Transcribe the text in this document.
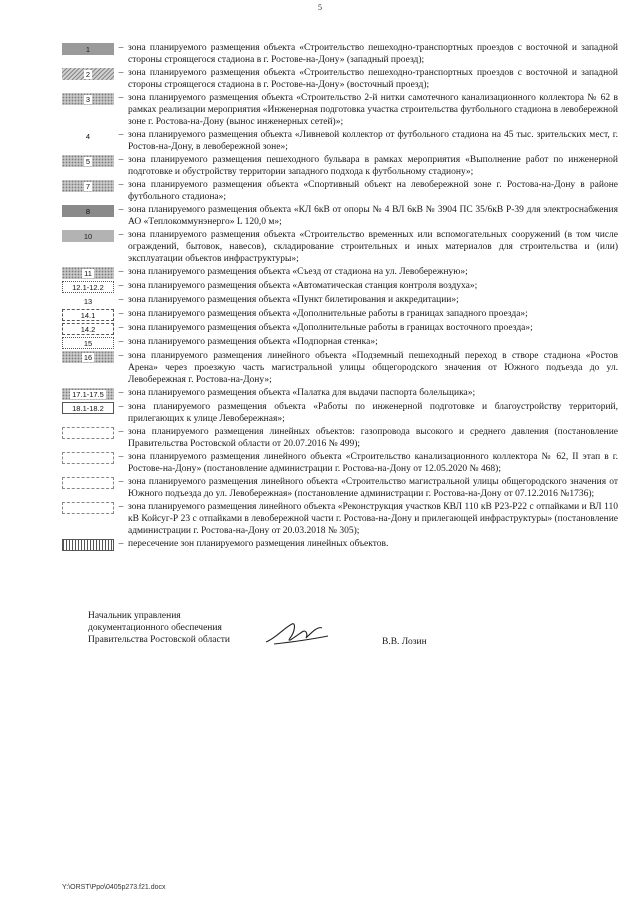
5
1	– зона планируемого размещения объекта «Строительство пешеходно-транспортных проездов с восточной и западной стороны строящегося стадиона в г. Ростове-на-Дону» (западный проезд);
2	– зона планируемого размещения объекта «Строительство пешеходно-транспортных проездов с восточной и западной стороны строящегося стадиона в г. Ростове-на-Дону» (восточный проезд);
3	– зона планируемого размещения объекта «Строительство 2-й нитки самотечного канализационного коллектора № 62 в рамках реализации мероприятия «Инженерная подготовка участка строительства футбольного стадиона в левобережной зоне г. Ростова-на-Дону (вынос инженерных сетей)»;
4	– зона планируемого размещения объекта «Ливневой коллектор от футбольного стадиона на 45 тыс. зрительских мест, г. Ростов-на-Дону, в левобережной зоне»;
5	– зона планируемого размещения пешеходного бульвара в рамках мероприятия «Выполнение работ по инженерной подготовке и обустройству территории западного подхода к футбольному стадиону»;
7	– зона планируемого размещения объекта «Спортивный объект на левобережной зоне г. Ростова-на-Дону в районе футбольного стадиона»;
8	– зона планируемого размещения объекта «КЛ 6кВ от опоры № 4 ВЛ 6кВ № 3904 ПС 35/6кВ Р-39 для электроснабжения АО «Теплокоммунэнерго» L 120,0 м»;
10	– зона планируемого размещения объекта «Строительство временных или вспомогательных сооружений (в том числе ограждений, бытовок, навесов), складирование строительных и иных материалов для строительства и (или) эксплуатации объектов инфраструктуры»;
11	– зона планируемого размещения объекта «Съезд от стадиона на ул. Левобережную»;
12.1-12.2	– зона планируемого размещения объекта «Автоматическая станция контроля воздуха»;
13	– зона планируемого размещения объекта «Пункт билетирования и аккредитации»;
14.1	– зона планируемого размещения объекта «Дополнительные работы в границах западного проезда»;
14.2	– зона планируемого размещения объекта «Дополнительные работы в границах восточного проезда»;
15	– зона планируемого размещения объекта «Подпорная стенка»;
16	– зона планируемого размещения линейного объекта «Подземный пешеходный переход в створе стадиона «Ростов Арена» через проезжую часть магистральной улицы общегородского значения от Южного подъезда до ул. Левобережная г. Ростова-на-Дону»;
17.1-17.5	– зона планируемого размещения объекта «Палатка для выдачи паспорта болельщика»;
18.1-18.2	– зона планируемого размещения объекта «Работы по инженерной подготовке и благоустройству территорий, прилегающих к улице Левобережная»;
– зона планируемого размещения линейных объектов: газопровода высокого и среднего давления (постановление Правительства Ростовской области от 20.07.2016 № 499);
– зона планируемого размещения линейного объекта «Строительство канализационного коллектора № 62, II этап в г. Ростове-на-Дону» (постановление администрации г. Ростова-на-Дону от 12.05.2020 № 468);
– зона планируемого размещения линейного объекта «Строительство магистральной улицы общегородского значения от Южного подъезда до ул. Левобережная» (постановление администрации г. Ростова-на-Дону от 07.12.2016 №1736);
– зона планируемого размещения линейного объекта «Реконструкция участков КВЛ 110 кВ Р23-Р22 с отпайками и ВЛ 110 кВ Койсуг-Р 23 с отпайками в левобережной части г. Ростова-на-Дону и прилегающей инфраструктуры» (постановление администрации г. Ростова-на-Дону от 20.03.2018 № 305);
– пересечение зон планируемого размещения линейных объектов.
Начальник управления
документационного обеспечения
Правительства Ростовской области	В.В. Лозин
Y:\ORST\Ppo\0405p273.f21.docx
